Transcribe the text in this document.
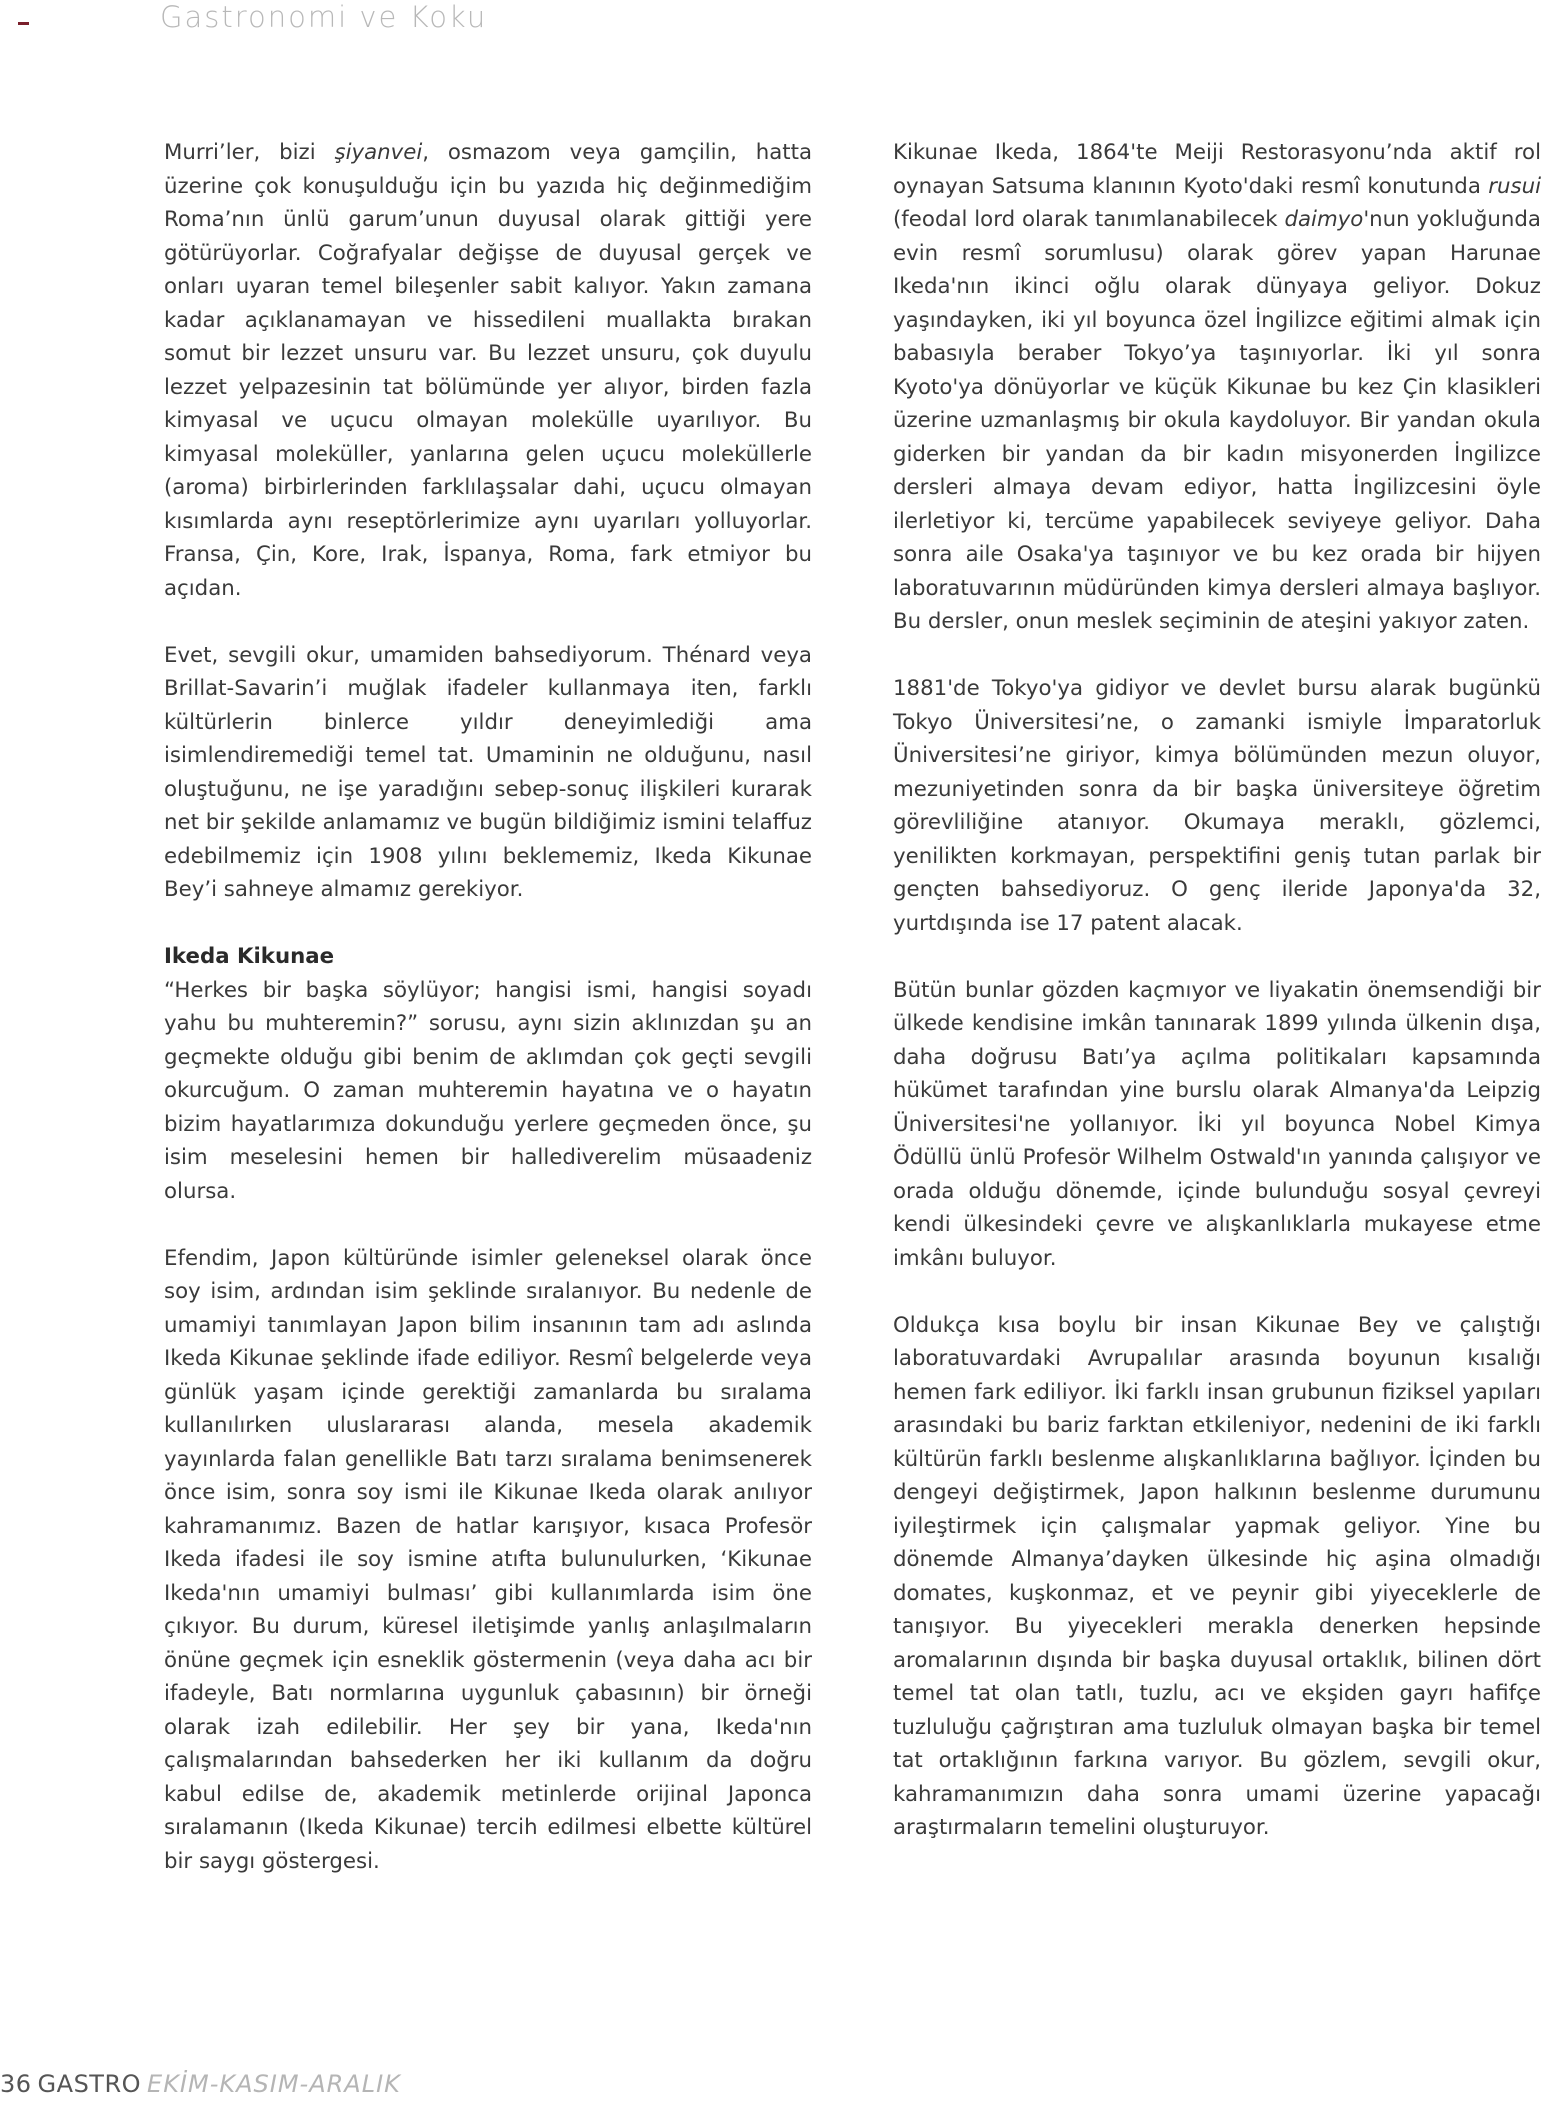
Gastronomi ve Koku

Murri’ler, bizi şiyanvei, osmazom veya gamçilin, hatta üzerine çok konuşulduğu için bu yazıda hiç değinmediğim Roma’nın ünlü garum’unun duyusal olarak gittiği yere götürüyorlar. Coğrafyalar değişse de duyusal gerçek ve onları uyaran temel bileşenler sabit kalıyor. Yakın zamana kadar açıklanamayan ve hissedileni muallakta bırakan somut bir lezzet unsuru var. Bu lezzet unsuru, çok duyulu lezzet yelpazesinin tat bölümünde yer alıyor, birden fazla kimyasal ve uçucu olmayan molekülle uyarılıyor. Bu kimyasal moleküller, yanlarına gelen uçucu moleküllerle (aroma) birbirlerinden farklılaşsalar dahi, uçucu olmayan kısımlarda aynı reseptörlerimize aynı uyarıları yolluyorlar. Fransa, Çin, Kore, Irak, İspanya, Roma, fark etmiyor bu açıdan.

Evet, sevgili okur, umamiden bahsediyorum. Thénard veya Brillat-Savarin’i muğlak ifadeler kullanmaya iten, farklı kültürlerin binlerce yıldır deneyimlediği ama isimlendiremediği temel tat. Umaminin ne olduğunu, nasıl oluştuğunu, ne işe yaradığını sebep-sonuç ilişkileri kurarak net bir şekilde anlamamız ve bugün bildiğimiz ismini telaffuz edebilmemiz için 1908 yılını beklememiz, Ikeda Kikunae Bey’i sahneye almamız gerekiyor.

Ikeda Kikunae
“Herkes bir başka söylüyor; hangisi ismi, hangisi soyadı yahu bu muhteremin?” sorusu, aynı sizin aklınızdan şu an geçmekte olduğu gibi benim de aklımdan çok geçti sevgili okurcuğum. O zaman muhteremin hayatına ve o hayatın bizim hayatlarımıza dokunduğu yerlere geçmeden önce, şu isim meselesini hemen bir hallediverelim müsaadeniz olursa.

Efendim, Japon kültüründe isimler geleneksel olarak önce soy isim, ardından isim şeklinde sıralanıyor. Bu nedenle de umamiyi tanımlayan Japon bilim insanının tam adı aslında Ikeda Kikunae şeklinde ifade ediliyor. Resmî belgelerde veya günlük yaşam içinde gerektiği zamanlarda bu sıralama kullanılırken uluslararası alanda, mesela akademik yayınlarda falan genellikle Batı tarzı sıralama benimsenerek önce isim, sonra soy ismi ile Kikunae Ikeda olarak anılıyor kahramanımız. Bazen de hatlar karışıyor, kısaca Profesör Ikeda ifadesi ile soy ismine atıfta bulunulurken, ‘Kikunae Ikeda'nın umamiyi bulması’ gibi kullanımlarda isim öne çıkıyor. Bu durum, küresel iletişimde yanlış anlaşılmaların önüne geçmek için esneklik göstermenin (veya daha acı bir ifadeyle, Batı normlarına uygunluk çabasının) bir örneği olarak izah edilebilir. Her şey bir yana, Ikeda'nın çalışmalarından bahsederken her iki kullanım da doğru kabul edilse de, akademik metinlerde orijinal Japonca sıralamanın (Ikeda Kikunae) tercih edilmesi elbette kültürel bir saygı göstergesi.

Kikunae Ikeda, 1864'te Meiji Restorasyonu’nda aktif rol oynayan Satsuma klanının Kyoto'daki resmî konutunda rusui (feodal lord olarak tanımlanabilecek daimyo'nun yokluğunda evin resmî sorumlusu) olarak görev yapan Harunae Ikeda'nın ikinci oğlu olarak dünyaya geliyor. Dokuz yaşındayken, iki yıl boyunca özel İngilizce eğitimi almak için babasıyla beraber Tokyo’ya taşınıyorlar. İki yıl sonra Kyoto'ya dönüyorlar ve küçük Kikunae bu kez Çin klasikleri üzerine uzmanlaşmış bir okula kaydoluyor. Bir yandan okula giderken bir yandan da bir kadın misyonerden İngilizce dersleri almaya devam ediyor, hatta İngilizcesini öyle ilerletiyor ki, tercüme yapabilecek seviyeye geliyor. Daha sonra aile Osaka'ya taşınıyor ve bu kez orada bir hijyen laboratuvarının müdüründen kimya dersleri almaya başlıyor. Bu dersler, onun meslek seçiminin de ateşini yakıyor zaten.

1881'de Tokyo'ya gidiyor ve devlet bursu alarak bugünkü Tokyo Üniversitesi’ne, o zamanki ismiyle İmparatorluk Üniversitesi’ne giriyor, kimya bölümünden mezun oluyor, mezuniyetinden sonra da bir başka üniversiteye öğretim görevliliğine atanıyor. Okumaya meraklı, gözlemci, yenilikten korkmayan, perspektifini geniş tutan parlak bir gençten bahsediyoruz. O genç ileride Japonya'da 32, yurtdışında ise 17 patent alacak.

Bütün bunlar gözden kaçmıyor ve liyakatin önemsendiği bir ülkede kendisine imkân tanınarak 1899 yılında ülkenin dışa, daha doğrusu Batı’ya açılma politikaları kapsamında hükümet tarafından yine burslu olarak Almanya'da Leipzig Üniversitesi'ne yollanıyor. İki yıl boyunca Nobel Kimya Ödüllü ünlü Profesör Wilhelm Ostwald'ın yanında çalışıyor ve orada olduğu dönemde, içinde bulunduğu sosyal çevreyi kendi ülkesindeki çevre ve alışkanlıklarla mukayese etme imkânı buluyor.

Oldukça kısa boylu bir insan Kikunae Bey ve çalıştığı laboratuvardaki Avrupalılar arasında boyunun kısalığı hemen fark ediliyor. İki farklı insan grubunun fiziksel yapıları arasındaki bu bariz farktan etkileniyor, nedenini de iki farklı kültürün farklı beslenme alışkanlıklarına bağlıyor. İçinden bu dengeyi değiştirmek, Japon halkının beslenme durumunu iyileştirmek için çalışmalar yapmak geliyor. Yine bu dönemde Almanya’dayken ülkesinde hiç aşina olmadığı domates, kuşkonmaz, et ve peynir gibi yiyeceklerle de tanışıyor. Bu yiyecekleri merakla denerken hepsinde aromalarının dışında bir başka duyusal ortaklık, bilinen dört temel tat olan tatlı, tuzlu, acı ve ekşiden gayrı hafifçe tuzluluğu çağrıştıran ama tuzluluk olmayan başka bir temel tat ortaklığının farkına varıyor. Bu gözlem, sevgili okur, kahramanımızın daha sonra umami üzerine yapacağı araştırmaların temelini oluşturuyor.

36 GASTRO EKİM-KASIM-ARALIK
